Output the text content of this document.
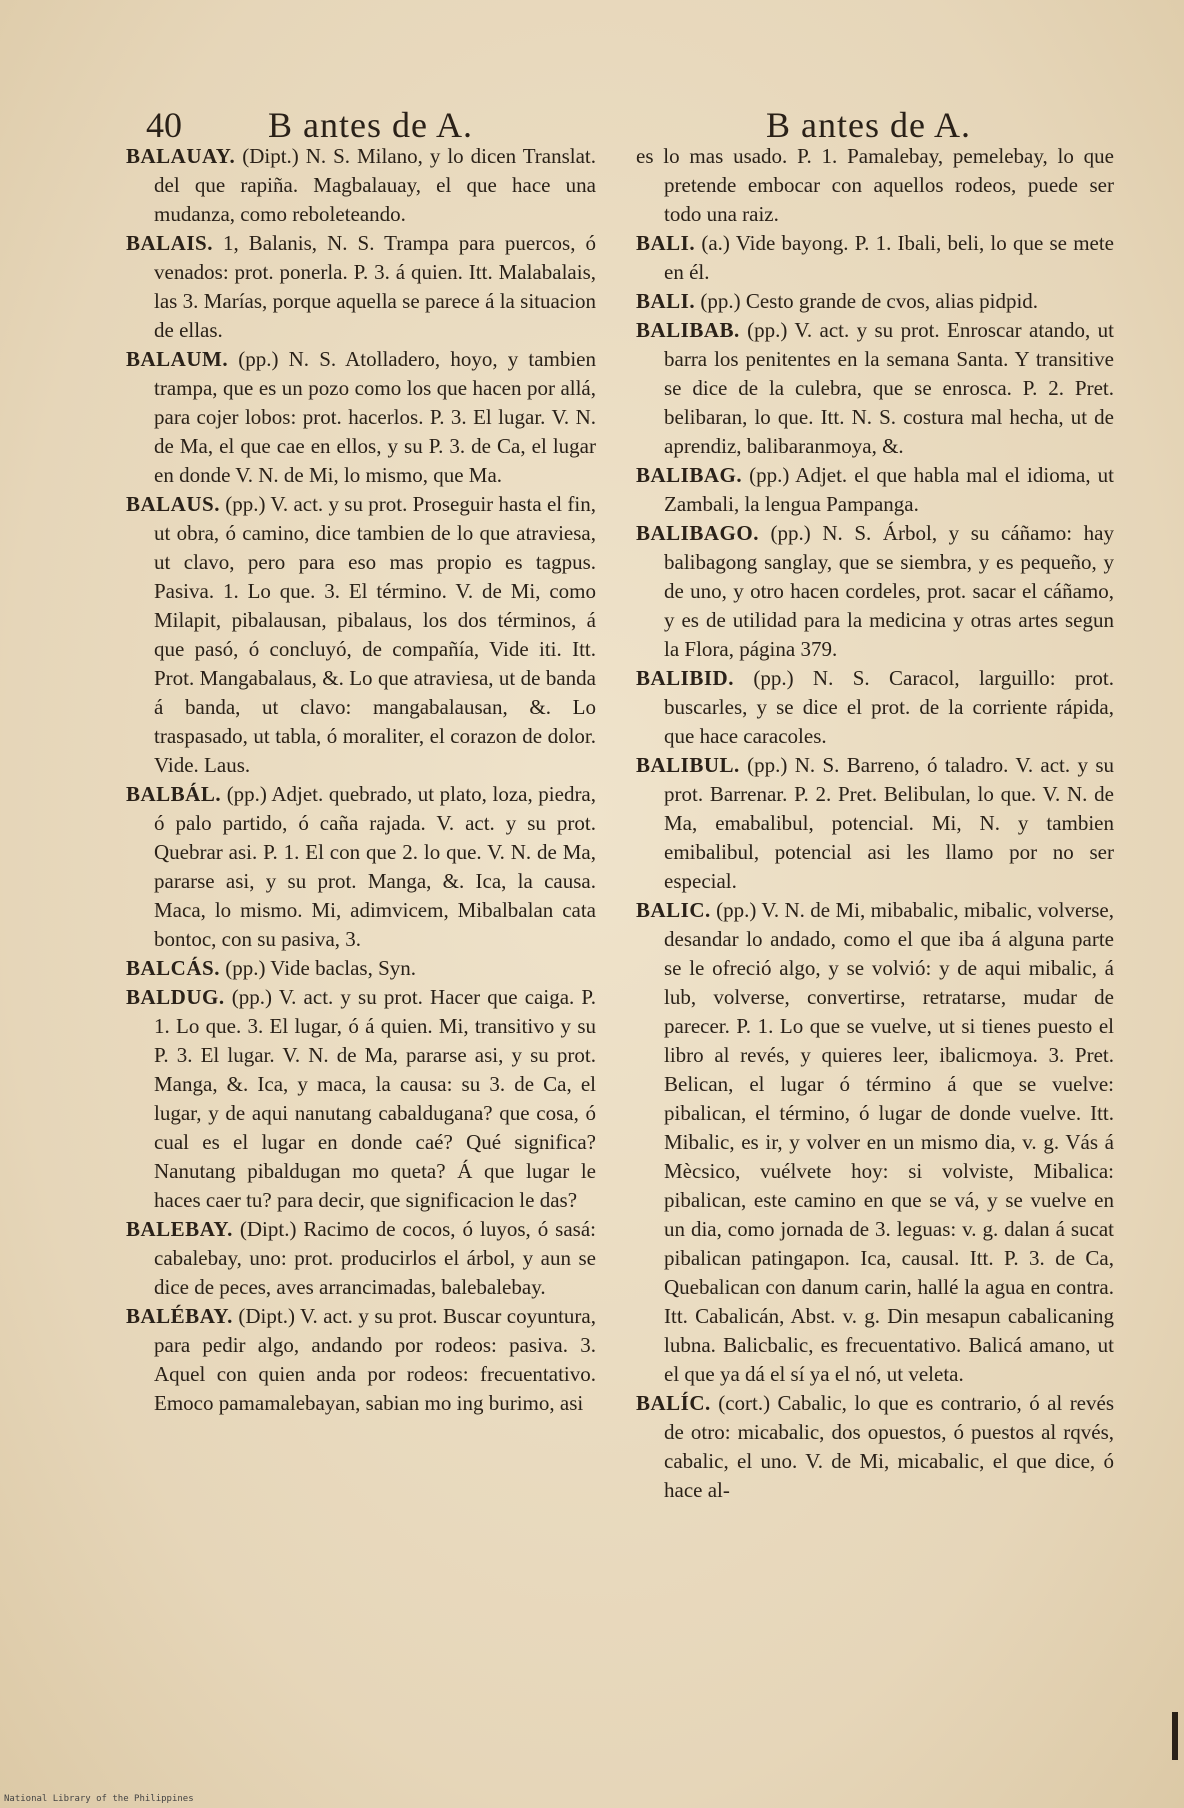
40 B antes de A.	B antes de A.

BALAUAY. (Dipt.) N. S. Milano, y lo dicen Translat. del que rapiña. Magbalauay, el que hace una mudanza, como reboleteando.

BALAIS. 1, Balanis, N. S. Trampa para puercos, ó venados: prot. ponerla. P. 3. á quien. Itt. Malabalais, las 3. Marías, porque aquella se parece á la situacion de ellas.

BALAUM. (pp.) N. S. Atolladero, hoyo, y tambien trampa, que es un pozo como los que hacen por allá, para cojer lobos: prot. hacerlos. P. 3. El lugar. V. N. de Ma, el que cae en ellos, y su P. 3. de Ca, el lugar en donde V. N. de Mi, lo mismo, que Ma.

BALAUS. (pp.) V. act. y su prot. Proseguir hasta el fin, ut obra, ó camino, dice tambien de lo que atraviesa, ut clavo, pero para eso mas propio es tagpus. Pasiva. 1. Lo que. 3. El término. V. de Mi, como Milapit, pibalausan, pibalaus, los dos términos, á que pasó, ó concluyó, de compañía, Vide iti. Itt. Prot. Mangabalaus, &. Lo que atraviesa, ut de banda á banda, ut clavo: mangabalausan, &. Lo traspasado, ut tabla, ó moraliter, el corazon de dolor. Vide. Laus.

BALBÁL. (pp.) Adjet. quebrado, ut plato, loza, piedra, ó palo partido, ó caña rajada. V. act. y su prot. Quebrar asi. P. 1. El con que 2. lo que. V. N. de Ma, pararse asi, y su prot. Manga, &. Ica, la causa. Maca, lo mismo. Mi, adimvicem, Mibalbalan cata bontoc, con su pasiva, 3.

BALCÁS. (pp.) Vide baclas, Syn.

BALDUG. (pp.) V. act. y su prot. Hacer que caiga. P. 1. Lo que. 3. El lugar, ó á quien. Mi, transitivo y su P. 3. El lugar. V. N. de Ma, pararse asi, y su prot. Manga, &. Ica, y maca, la causa: su 3. de Ca, el lugar, y de aqui nanutang cabaldugana? que cosa, ó cual es el lugar en donde caé? Qué significa? Nanutang pibaldugan mo queta? Á que lugar le haces caer tu? para decir, que significacion le das?

BALEBAY. (Dipt.) Racimo de cocos, ó luyos, ó sasá: cabalebay, uno: prot. producirlos el árbol, y aun se dice de peces, aves arrancimadas, balebalebay.

BALÉBAY. (Dipt.) V. act. y su prot. Buscar coyuntura, para pedir algo, andando por rodeos: pasiva. 3. Aquel con quien anda por rodeos: frecuentativo. Emoco pamamalebayan, sabian mo ing burimo, asi

es lo mas usado. P. 1. Pamalebay, pemelebay, lo que pretende embocar con aquellos rodeos, puede ser todo una raiz.

BALI. (a.) Vide bayong. P. 1. Ibali, beli, lo que se mete en él.

BALI. (pp.) Cesto grande de cvos, alias pidpid.

BALIBAB. (pp.) V. act. y su prot. Enroscar atando, ut barra los penitentes en la semana Santa. Y transitive se dice de la culebra, que se enrosca. P. 2. Pret. belibaran, lo que. Itt. N. S. costura mal hecha, ut de aprendiz, balibaranmoya, &.

BALIBAG. (pp.) Adjet. el que habla mal el idioma, ut Zambali, la lengua Pampanga.

BALIBAGO. (pp.) N. S. Árbol, y su cáñamo: hay balibagong sanglay, que se siembra, y es pequeño, y de uno, y otro hacen cordeles, prot. sacar el cáñamo, y es de utilidad para la medicina y otras artes segun la Flora, página 379.

BALIBID. (pp.) N. S. Caracol, larguillo: prot. buscarles, y se dice el prot. de la corriente rápida, que hace caracoles.

BALIBUL. (pp.) N. S. Barreno, ó taladro. V. act. y su prot. Barrenar. P. 2. Pret. Belibulan, lo que. V. N. de Ma, emabalibul, potencial. Mi, N. y tambien emibalibul, potencial asi les llamo por no ser especial.

BALIC. (pp.) V. N. de Mi, mibabalic, mibalic, volverse, desandar lo andado, como el que iba á alguna parte se le ofreció algo, y se volvió: y de aqui mibalic, á lub, volverse, convertirse, retratarse, mudar de parecer. P. 1. Lo que se vuelve, ut si tienes puesto el libro al revés, y quieres leer, ibalicmoya. 3. Pret. Belican, el lugar ó término á que se vuelve: pibalican, el término, ó lugar de donde vuelve. Itt. Mibalic, es ir, y volver en un mismo dia, v. g. Vás á Mècsico, vuélvete hoy: si volviste, Mibalica: pibalican, este camino en que se vá, y se vuelve en un dia, como jornada de 3. leguas: v. g. dalan á sucat pibalican patingapon. Ica, causal. Itt. P. 3. de Ca, Quebalican con danum carin, hallé la agua en contra. Itt. Cabalicán, Abst. v. g. Din mesapun cabalicaning lubna. Balicbalic, es frecuentativo. Balicá amano, ut el que ya dá el sí ya el nó, ut veleta.

BALÍC. (cort.) Cabalic, lo que es contrario, ó al revés de otro: micabalic, dos opuestos, ó puestos al rqvés, cabalic, el uno. V. de Mi, micabalic, el que dice, ó hace al-

National Library of the Philippines
